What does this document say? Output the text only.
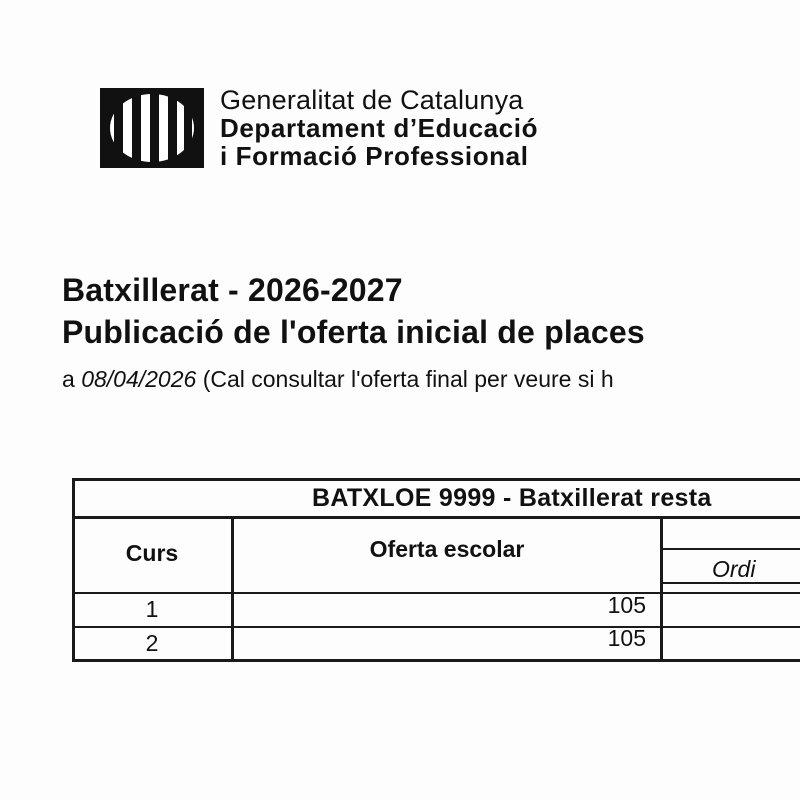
Generalitat de Catalunya
Departament d’Educació
i Formació Professional
Batxillerat - 2026-2027
Publicació de l'oferta inicial de places
a 08/04/2026 (Cal consultar l'oferta final per veure si h
BATXLOE 9999 - Batxillerat resta
Curs	Oferta escolar
Ordi
1	105
2	105
